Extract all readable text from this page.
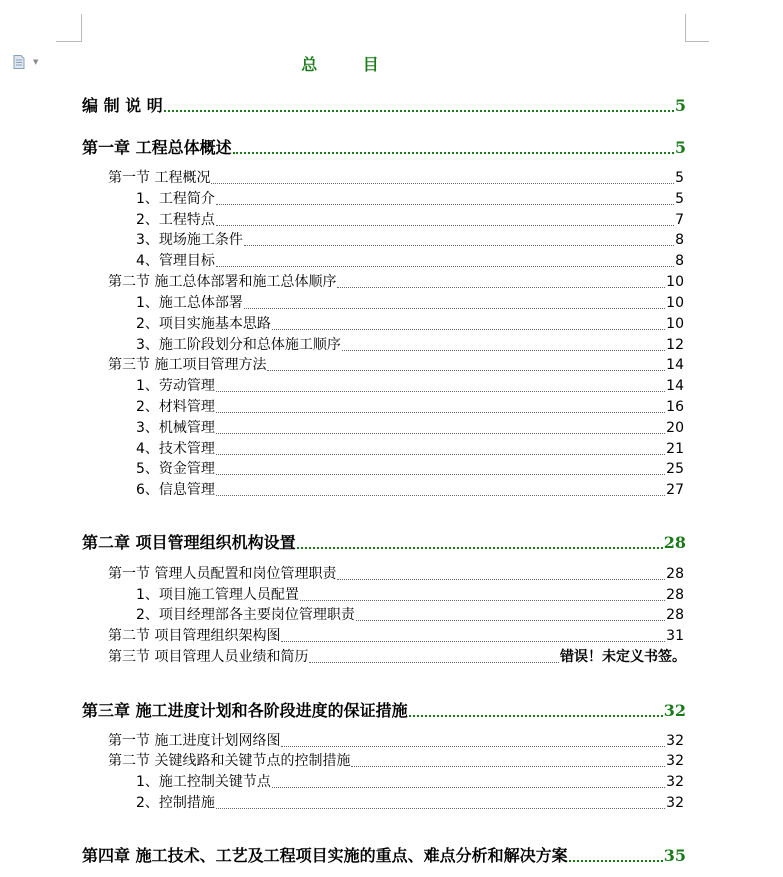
▼	总 目
编 制 说 明	5
第一章 工程总体概述	5
第一节 工程概况	5
1、工程简介	5
2、工程特点	7
3、现场施工条件	8
4、管理目标	8
第二节 施工总体部署和施工总体顺序	10
1、施工总体部署	10
2、项目实施基本思路	10
3、施工阶段划分和总体施工顺序	12
第三节 施工项目管理方法	14
1、劳动管理	14
2、材料管理	16
3、机械管理	20
4、技术管理	21
5、资金管理	25
6、信息管理	27
第二章 项目管理组织机构设置	28
第一节 管理人员配置和岗位管理职责	28
1、项目施工管理人员配置	28
2、项目经理部各主要岗位管理职责	28
第二节 项目管理组织架构图	31
第三节 项目管理人员业绩和简历	错误！未定义书签。
第三章 施工进度计划和各阶段进度的保证措施	32
第一节 施工进度计划网络图	32
第二节 关键线路和关键节点的控制措施	32
1、施工控制关键节点	32
2、控制措施	32
第四章 施工技术、工艺及工程项目实施的重点、难点分析和解决方案	35
